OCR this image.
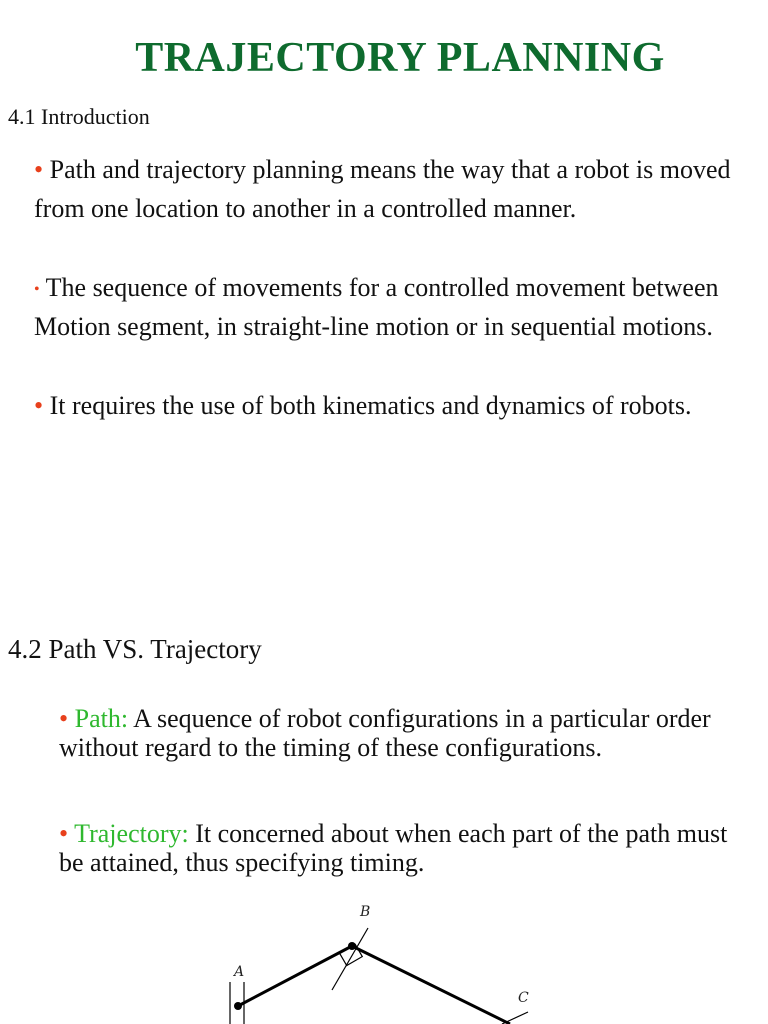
TRAJECTORY PLANNING
4.1 Introduction
• Path and trajectory planning means the way that a robot is moved from one location to another in a controlled manner.
• The sequence of movements for a controlled movement between Motion segment, in straight-line motion or in sequential motions.
• It requires the use of both kinematics and dynamics of robots.
4.2 Path VS. Trajectory
• Path: A sequence of robot configurations in a particular order without regard to the timing of these configurations.
• Trajectory: It concerned about when each part of the path must be attained, thus specifying timing.
A
B
C
